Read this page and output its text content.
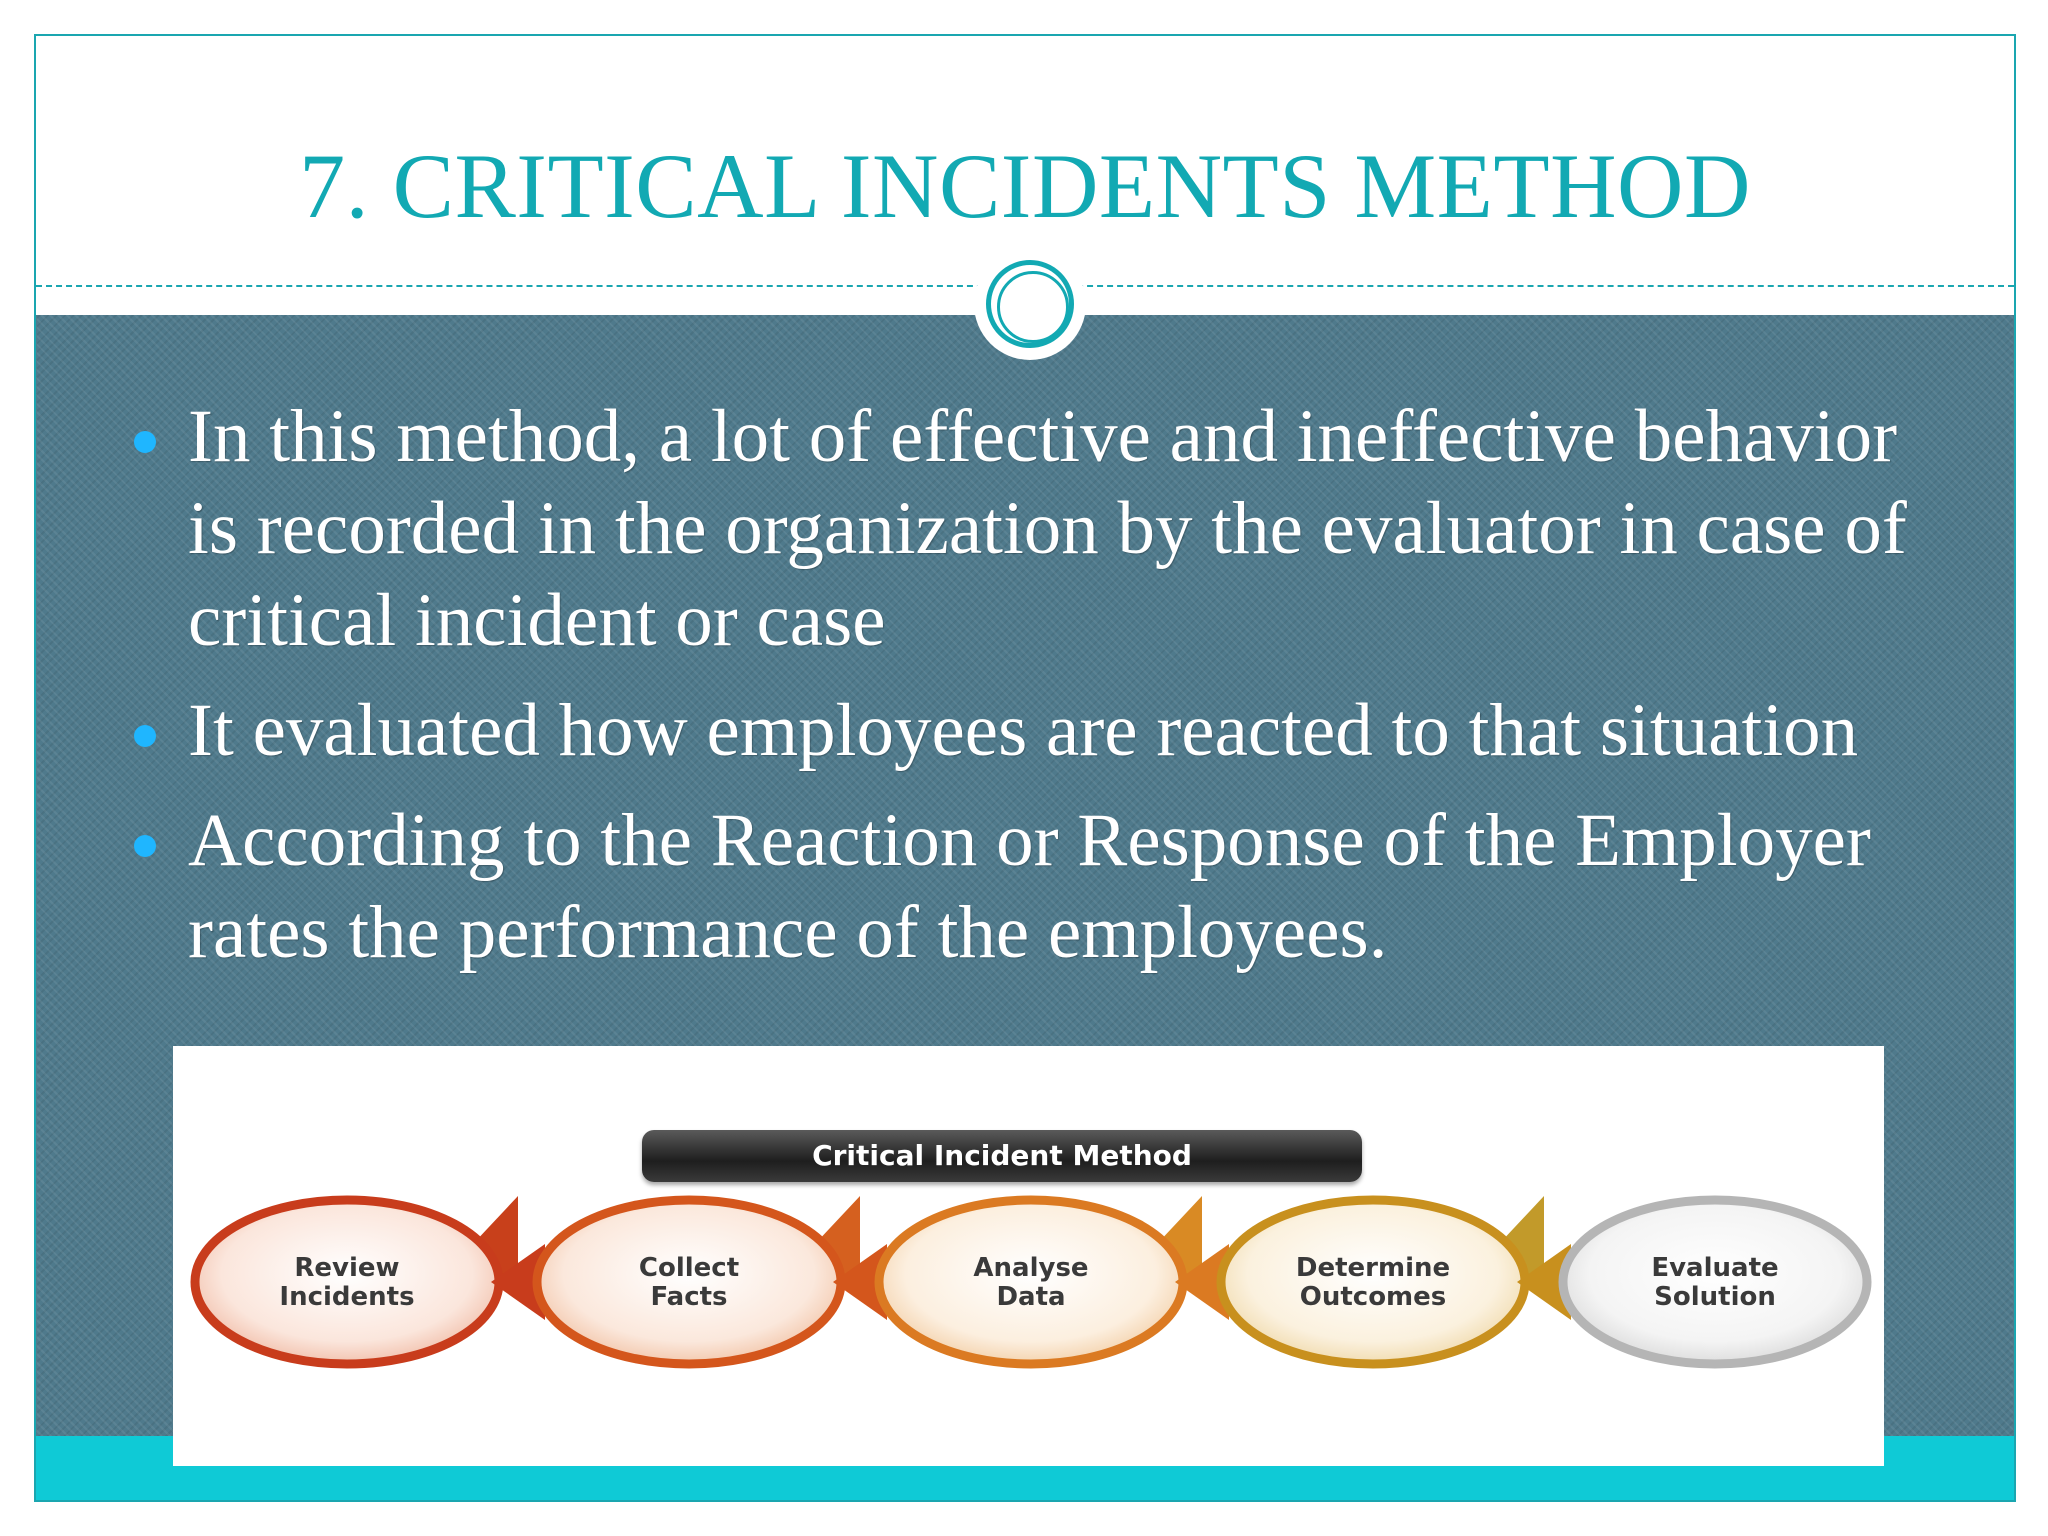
7. CRITICAL INCIDENTS METHOD
In this method, a lot of effective and ineffective behavior is recorded in the organization by the evaluator in case of critical incident or case
It evaluated how employees are reacted to that situation
According to the Reaction or Response of the Employer rates the performance of the employees.
Critical Incident Method
Review
Incidents
Collect
Facts
Analyse
Data
Determine
Outcomes
Evaluate
Solution
